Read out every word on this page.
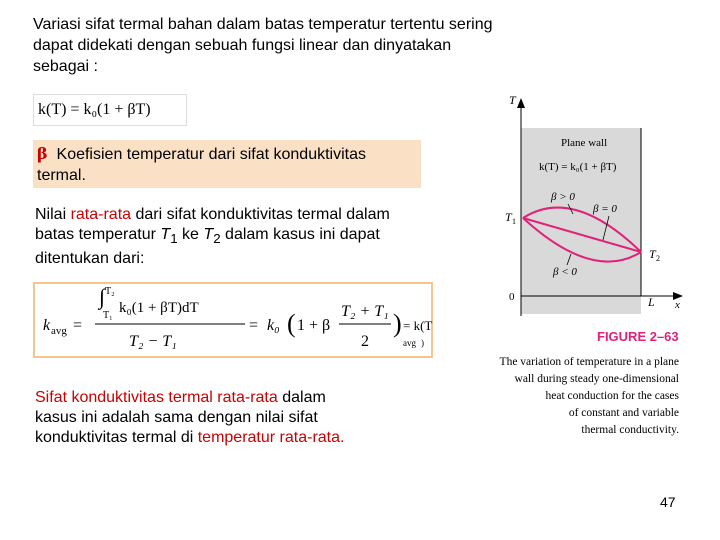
Variasi sifat termal bahan dalam batas temperatur tertentu sering dapat didekati dengan sebuah fungsi linear dan dinyatakan sebagai :
k(T) = k₀(1 + βT)
β Koefisien temperatur dari sifat konduktivitas termal.
Nilai rata-rata dari sifat konduktivitas termal dalam batas temperatur $T_1$ ke $T_2$ dalam kasus ini dapat ditentukan dari:
k avg =
∫ T₂
T₁ k₀(1 + βT)dT
T₂ − T₁
= k₀ ( 1 + β
T₂ + T₁
2
) = k(T
avg )
Sifat konduktivitas termal rata-rata dalam kasus ini adalah sama dengan nilai sifat konduktivitas termal di temperatur rata-rata.
T
x
L
0
T 1
T 2
Plane wall
k(T) = k₀(1 + βT)
β > 0
β = 0
β < 0
FIGURE 2–63
The variation of temperature in a plane
wall during steady one-dimensional
heat conduction for the cases
of constant and variable
thermal conductivity.
47
